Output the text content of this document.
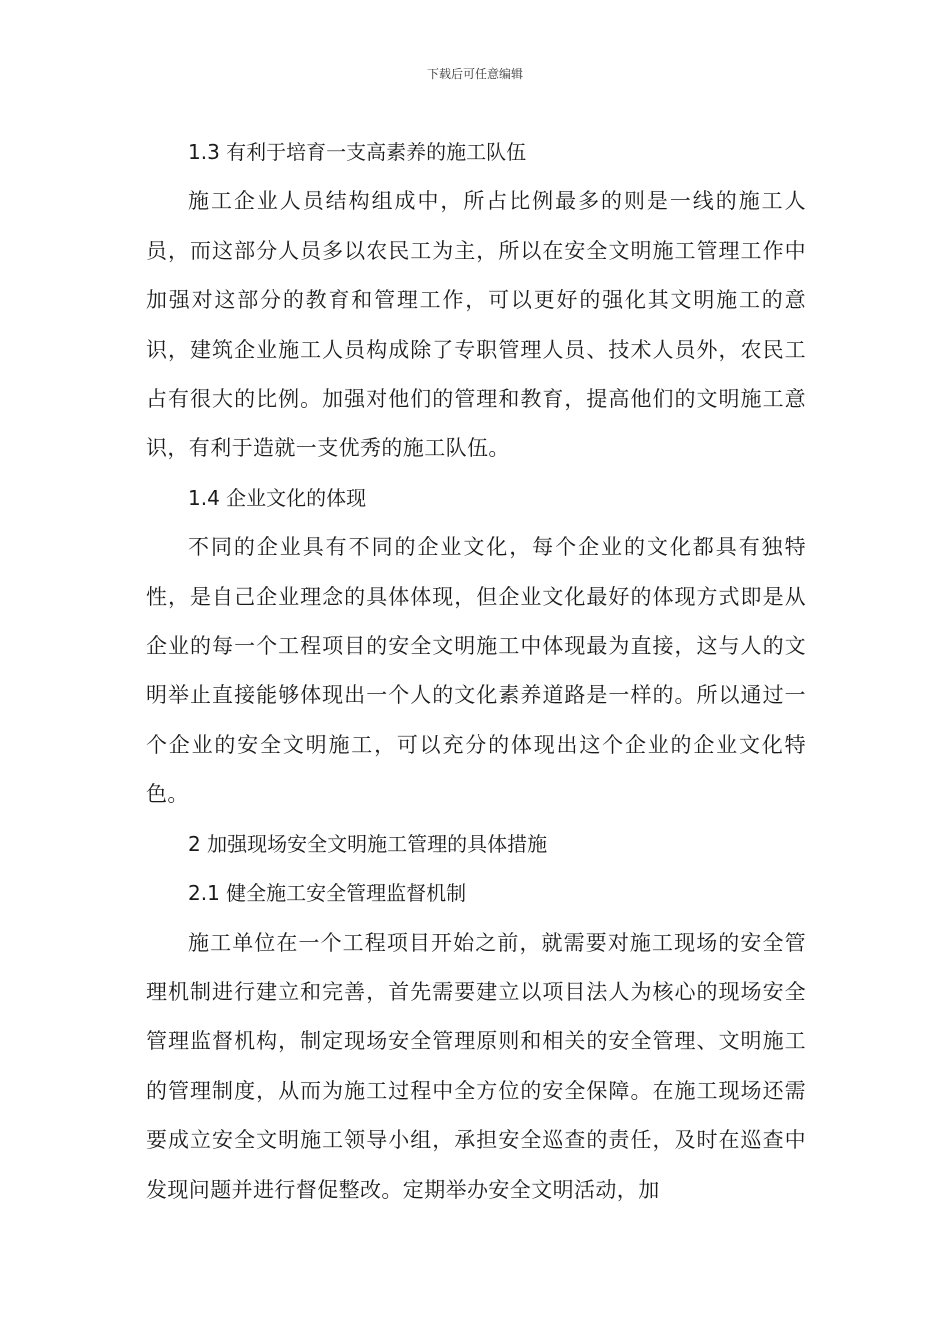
下载后可任意编辑

1.3 有利于培育一支高素养的施工队伍

施工企业人员结构组成中，所占比例最多的则是一线的施工人员，而这部分人员多以农民工为主，所以在安全文明施工管理工作中加强对这部分的教育和管理工作，可以更好的强化其文明施工的意识，建筑企业施工人员构成除了专职管理人员、技术人员外，农民工占有很大的比例。加强对他们的管理和教育，提高他们的文明施工意识，有利于造就一支优秀的施工队伍。

1.4 企业文化的体现

不同的企业具有不同的企业文化，每个企业的文化都具有独特性，是自己企业理念的具体体现，但企业文化最好的体现方式即是从企业的每一个工程项目的安全文明施工中体现最为直接，这与人的文明举止直接能够体现出一个人的文化素养道路是一样的。所以通过一个企业的安全文明施工，可以充分的体现出这个企业的企业文化特色。

2 加强现场安全文明施工管理的具体措施

2.1 健全施工安全管理监督机制

施工单位在一个工程项目开始之前，就需要对施工现场的安全管理机制进行建立和完善，首先需要建立以项目法人为核心的现场安全管理监督机构，制定现场安全管理原则和相关的安全管理、文明施工的管理制度，从而为施工过程中全方位的安全保障。在施工现场还需要成立安全文明施工领导小组，承担安全巡查的责任，及时在巡查中发现问题并进行督促整改。定期举办安全文明活动，加
